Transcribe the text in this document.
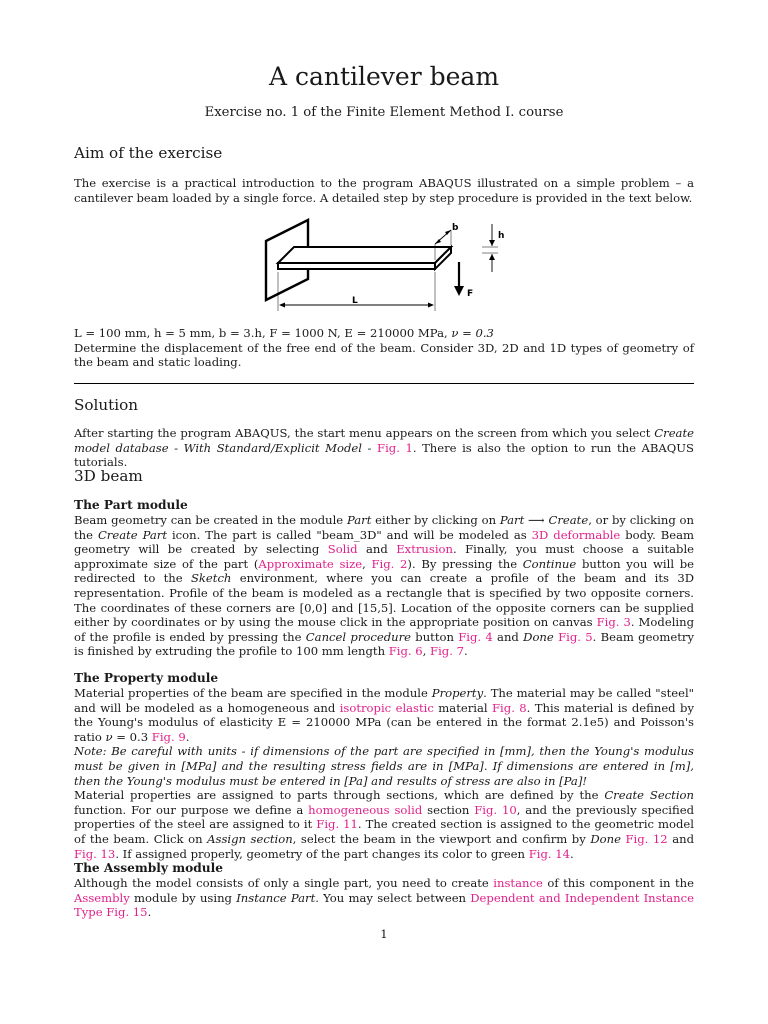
A cantilever beam
Exercise no. 1 of the Finite Element Method I. course
Aim of the exercise

The exercise is a practical introduction to the program ABAQUS illustrated on a simple problem – a cantilever beam loaded by a single force. A detailed step by step procedure is provided in the text below.

b
h
F
L

L = 100 mm, h = 5 mm, b = 3.h, F = 1000 N, E = 210000 MPa, ν = 0.3

Determine the displacement of the free end of the beam. Consider 3D, 2D and 1D types of geometry of the beam and static loading.

Solution

After starting the program ABAQUS, the start menu appears on the screen from which you select Create model database - With Standard/Explicit Model - Fig. 1. There is also the option to run the ABAQUS tutorials.

3D beam
The Part module

Beam geometry can be created in the module Part either by clicking on Part ⟶ Create, or by clicking on the Create Part icon. The part is called "beam_3D" and will be modeled as 3D deformable body. Beam geometry will be created by selecting Solid and Extrusion. Finally, you must choose a suitable approximate size of the part (Approximate size, Fig. 2). By pressing the Continue button you will be redirected to the Sketch environment, where you can create a profile of the beam and its 3D representation. Profile of the beam is modeled as a rectangle that is specified by two opposite corners. The coordinates of these corners are [0,0] and [15,5]. Location of the opposite corners can be supplied either by coordinates or by using the mouse click in the appropriate position on canvas Fig. 3. Modeling of the profile is ended by pressing the Cancel procedure button Fig. 4 and Done Fig. 5. Beam geometry is finished by extruding the profile to 100 mm length Fig. 6, Fig. 7.

The Property module

Material properties of the beam are specified in the module Property. The material may be called "steel" and will be modeled as a homogeneous and isotropic elastic material Fig. 8. This material is defined by the Young's modulus of elasticity E = 210000 MPa (can be entered in the format 2.1e5) and Poisson's ratio ν = 0.3 Fig. 9.

Note: Be careful with units - if dimensions of the part are specified in [mm], then the Young's modulus must be given in [MPa] and the resulting stress fields are in [MPa]. If dimensions are entered in [m], then the Young's modulus must be entered in [Pa] and results of stress are also in [Pa]!

Material properties are assigned to parts through sections, which are defined by the Create Section function. For our purpose we define a homogeneous solid section Fig. 10, and the previously specified properties of the steel are assigned to it Fig. 11. The created section is assigned to the geometric model of the beam. Click on Assign section, select the beam in the viewport and confirm by Done Fig. 12 and Fig. 13. If assigned properly, geometry of the part changes its color to green Fig. 14.

The Assembly module

Although the model consists of only a single part, you need to create instance of this component in the Assembly module by using Instance Part. You may select between Dependent and Independent Instance Type Fig. 15.

1
